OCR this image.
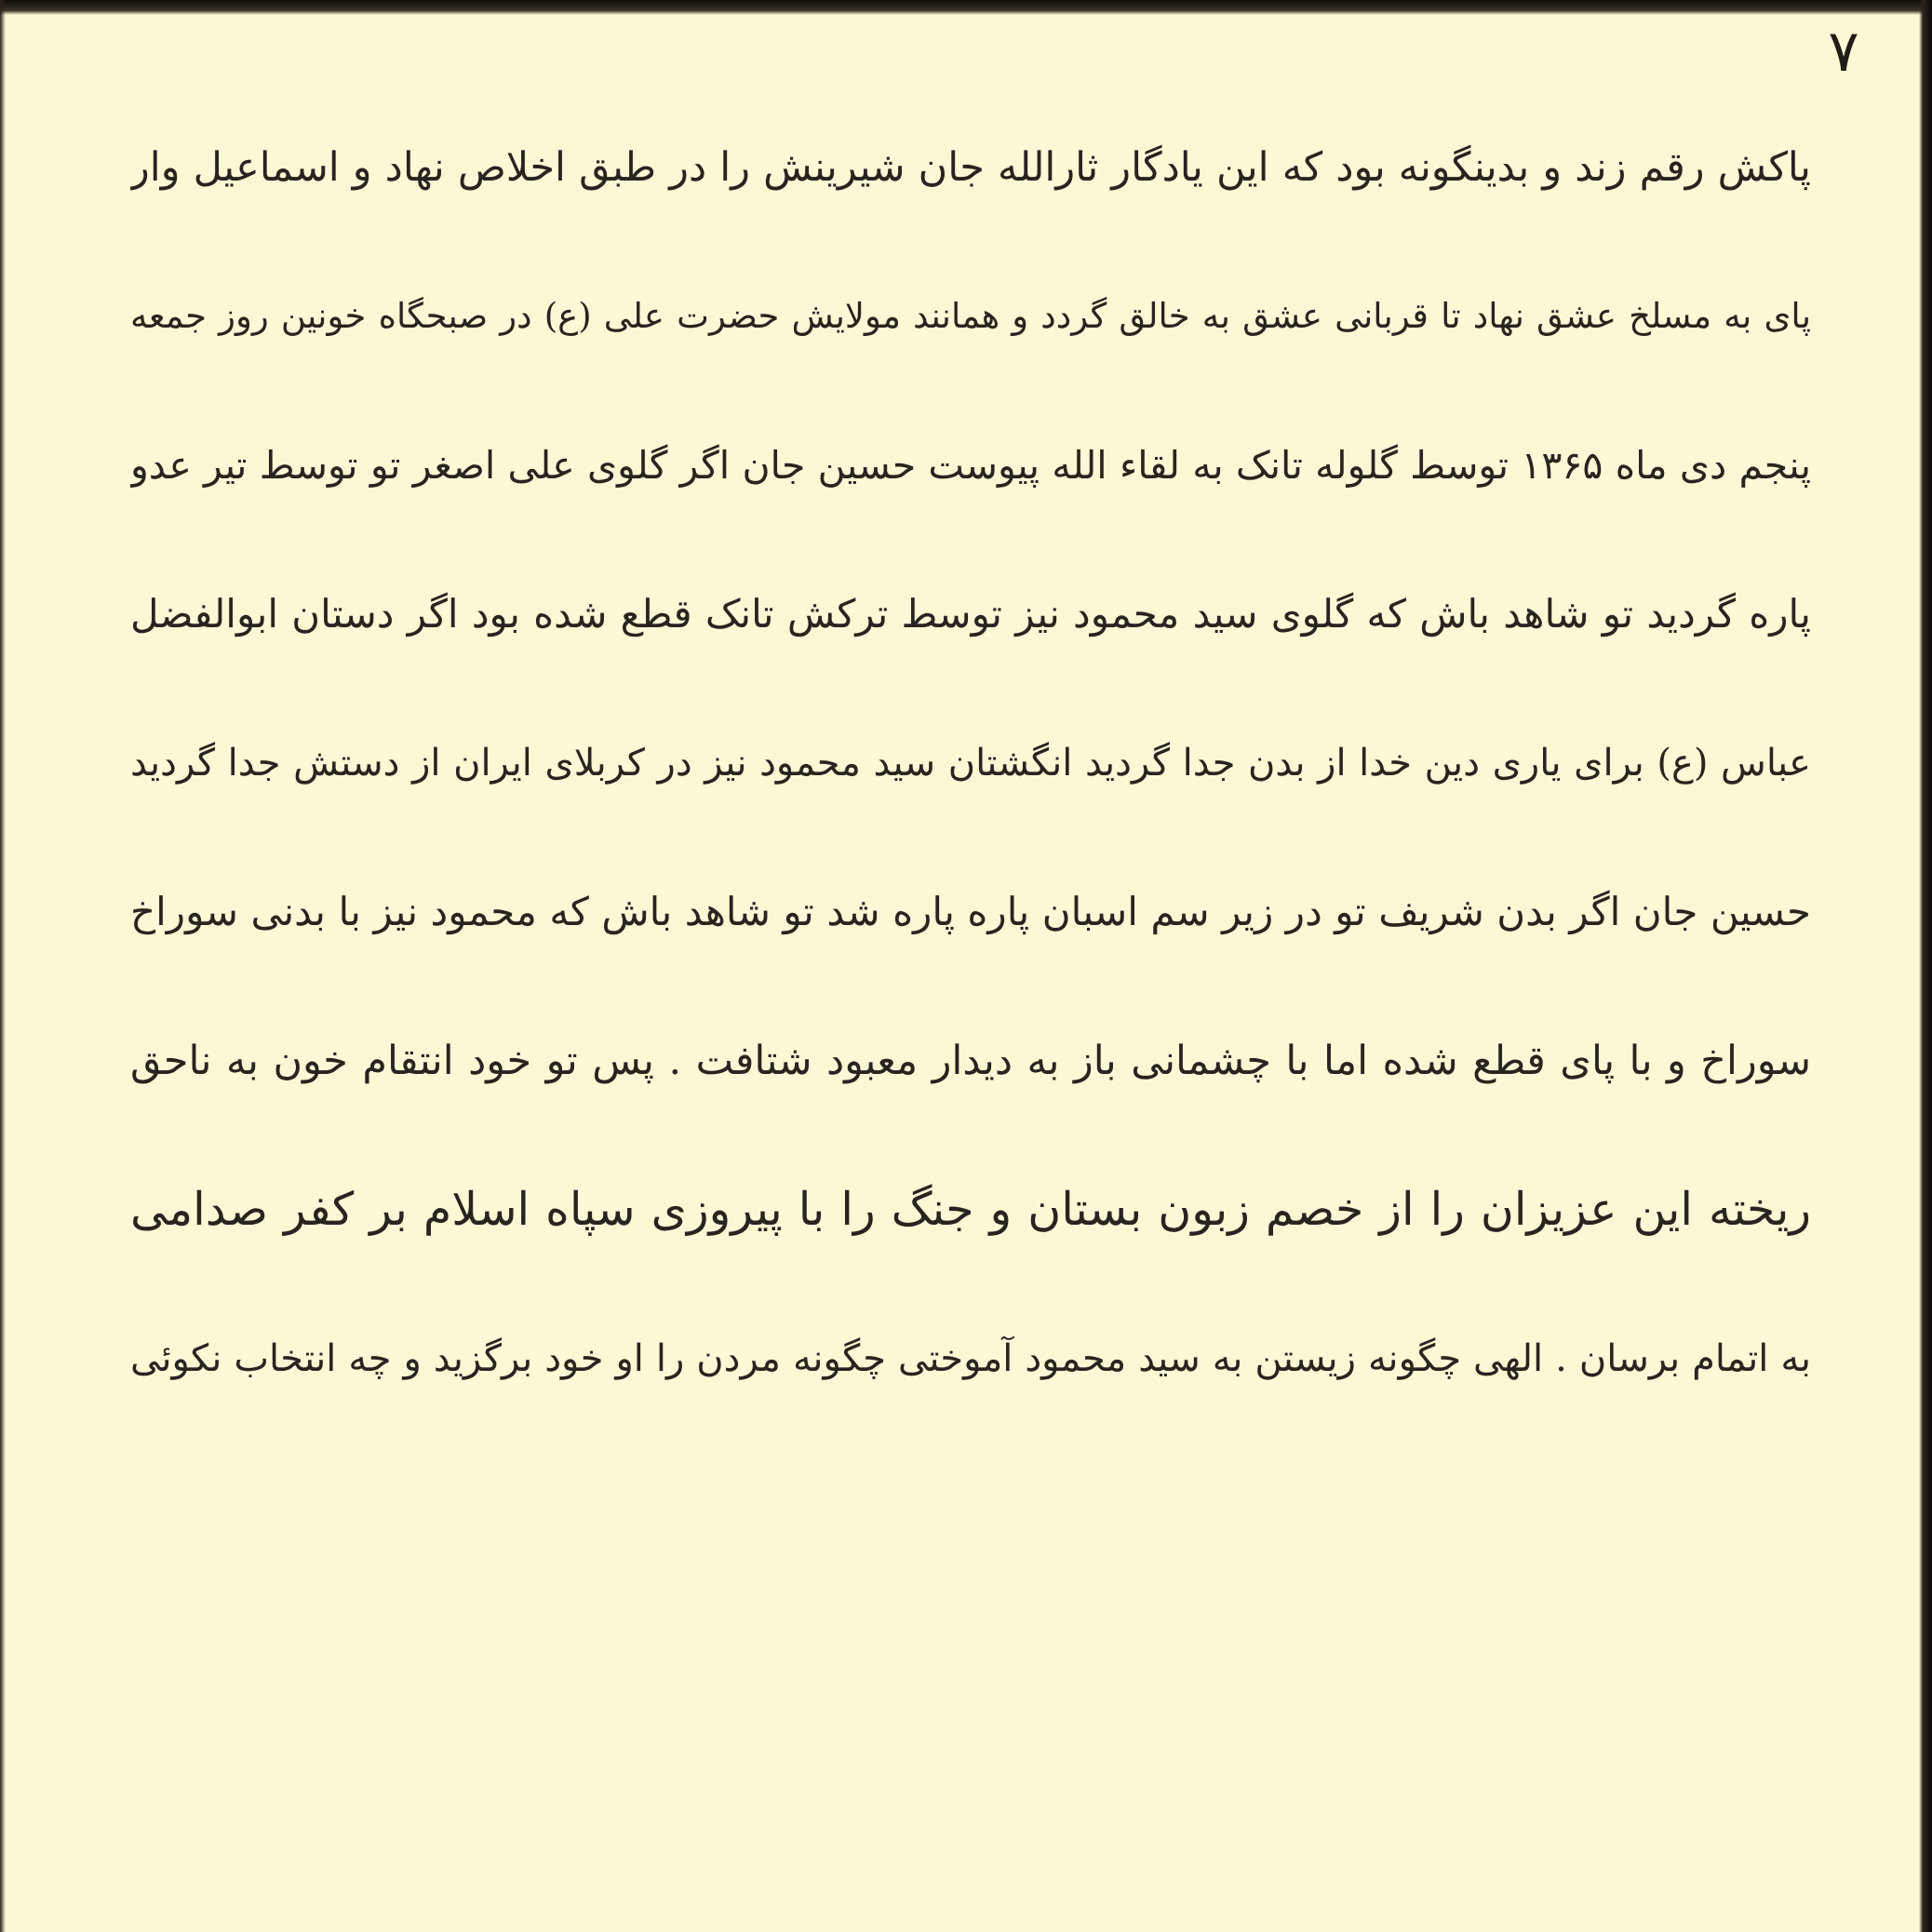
۷
پاکش رقم زند و بدینگونه بود که این یادگار ثارالله جان شیرینش را در طبق اخلاص نهاد و اسماعیل وار
پای به مسلخ عشق نهاد تا قربانی عشق به خالق گردد و همانند مولایش حضرت علی (ع) در صبحگاه خونین روز جمعه
پنجم دی ماه ۱۳۶۵ توسط گلوله تانک به لقاء الله پیوست حسین جان اگر گلوی علی اصغر تو توسط تیر عدو
پاره گردید تو شاهد باش که گلوی سید محمود نیز توسط ترکش تانک قطع شده بود اگر دستان ابوالفضل
عباس (ع) برای یاری دین خدا از بدن جدا گردید انگشتان سید محمود نیز در کربلای ایران از دستش جدا گردید
حسین جان اگر بدن شریف تو در زیر سم اسبان پاره پاره شد تو شاهد باش که محمود نیز با بدنی سوراخ
سوراخ و با پای قطع شده اما با چشمانی باز به دیدار معبود شتافت . پس تو خود انتقام خون به ناحق
ریخته این عزیزان را از خصم زبون بستان و جنگ را با پیروزی سپاه اسلام بر کفر صدامی
به اتمام برسان . الهی چگونه زیستن به سید محمود آموختی چگونه مردن را او خود برگزید و چه انتخاب نکوئی
